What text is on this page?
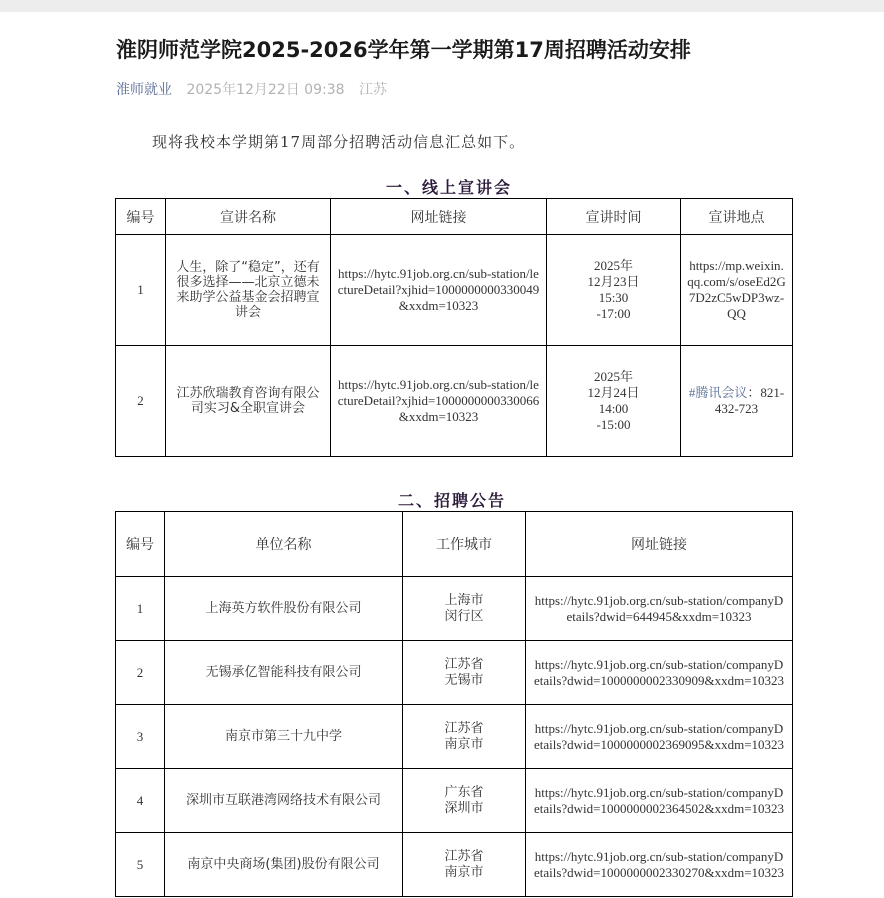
淮阴师范学院2025-2026学年第一学期第17周招聘活动安排
淮师就业 2025年12月22日 09:38 江苏
现将我校本学期第17周部分招聘活动信息汇总如下。
一、线上宣讲会
编号	宣讲名称	网址链接	宣讲时间	宣讲地点
1	人生，除了“稳定”，还有很多选择——北京立德未来助学公益基金会招聘宣讲会	https://hytc.91job.org.cn/sub-station/lectureDetail?xjhid=1000000000330049&xxdm=10323	2025年
12月23日
15:30
-17:00	https://mp.weixin.qq.com/s/oseEd2G7D2zC5wDP3wz-QQ
2	江苏欣瑞教育咨询有限公司实习&全职宣讲会	https://hytc.91job.org.cn/sub-station/lectureDetail?xjhid=1000000000330066&xxdm=10323	2025年
12月24日
14:00
-15:00	#腾讯会议：821-432-723
二、招聘公告
编号	单位名称	工作城市	网址链接
1	上海英方软件股份有限公司	上海市
闵行区	https://hytc.91job.org.cn/sub-station/companyDetails?dwid=644945&xxdm=10323
2	无锡承亿智能科技有限公司	江苏省
无锡市	https://hytc.91job.org.cn/sub-station/companyDetails?dwid=1000000002330909&xxdm=10323
3	南京市第三十九中学	江苏省
南京市	https://hytc.91job.org.cn/sub-station/companyDetails?dwid=1000000002369095&xxdm=10323
4	深圳市互联港湾网络技术有限公司	广东省
深圳市	https://hytc.91job.org.cn/sub-station/companyDetails?dwid=1000000002364502&xxdm=10323
5	南京中央商场(集团)股份有限公司	江苏省
南京市	https://hytc.91job.org.cn/sub-station/companyDetails?dwid=1000000002330270&xxdm=10323
